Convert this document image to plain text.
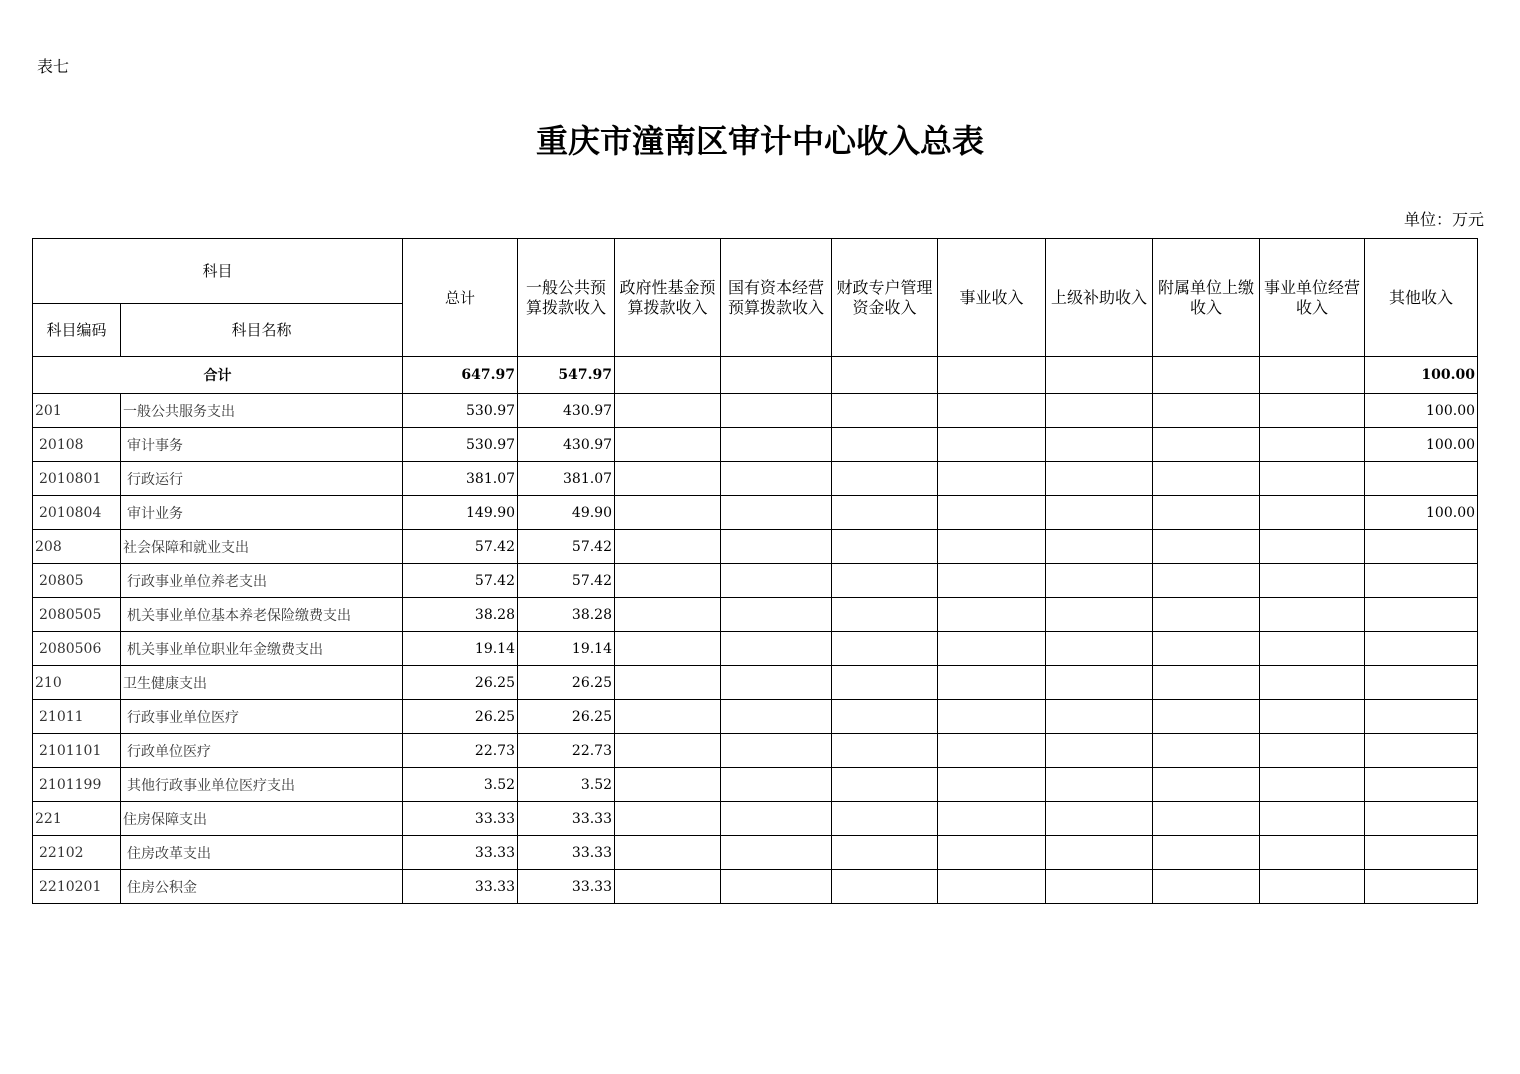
表七
重庆市潼南区审计中心收入总表
单位：万元
科目		总计	一般公共预算拨款收入	政府性基金预算拨款收入	国有资本经营预算拨款收入	财政专户管理资金收入	事业收入	上级补助收入	附属单位上缴收入	事业单位经营收入	其他收入
科目编码	科目名称										
合计		647.97	547.97								100.00
201	一般公共服务支出	530.97	430.97								100.00
20108	审计事务	530.97	430.97								100.00
2010801	行政运行	381.07	381.07								
2010804	审计业务	149.90	49.90								100.00
208	社会保障和就业支出	57.42	57.42								
20805	行政事业单位养老支出	57.42	57.42								
2080505	机关事业单位基本养老保险缴费支出	38.28	38.28								
2080506	机关事业单位职业年金缴费支出	19.14	19.14								
210	卫生健康支出	26.25	26.25								
21011	行政事业单位医疗	26.25	26.25								
2101101	行政单位医疗	22.73	22.73								
2101199	其他行政事业单位医疗支出	3.52	3.52								
221	住房保障支出	33.33	33.33								
22102	住房改革支出	33.33	33.33								
2210201	住房公积金	33.33	33.33								
